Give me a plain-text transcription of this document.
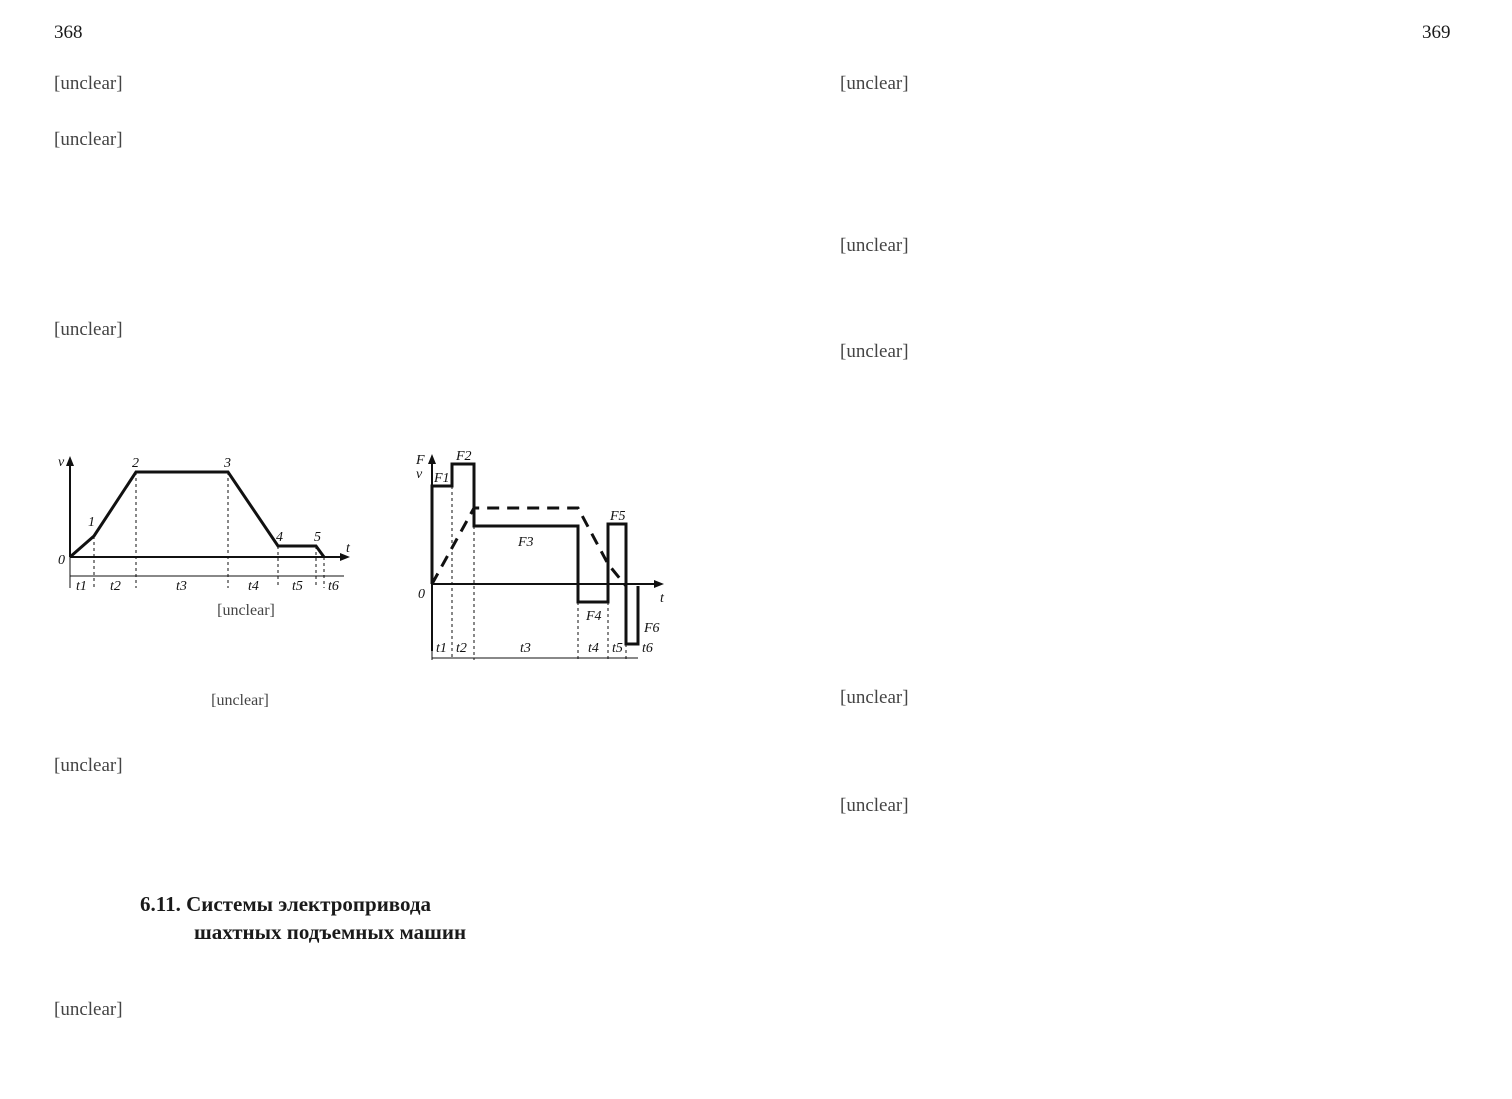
368
[unclear]
[unclear]
[unclear]
v
t
0
1
2	3
4 5
t1 t2	t3	t4 t5 t6
[unclear]
F
v
t
0
F1
F2
F3
F4
F5
F6
t1 t2	t3	t4 t5 t6
[unclear]
[unclear]
6.11. Системы электропривода
шахтных подъемных машин
[unclear]
369
[unclear]
[unclear]
[unclear]
[unclear]
[unclear]
